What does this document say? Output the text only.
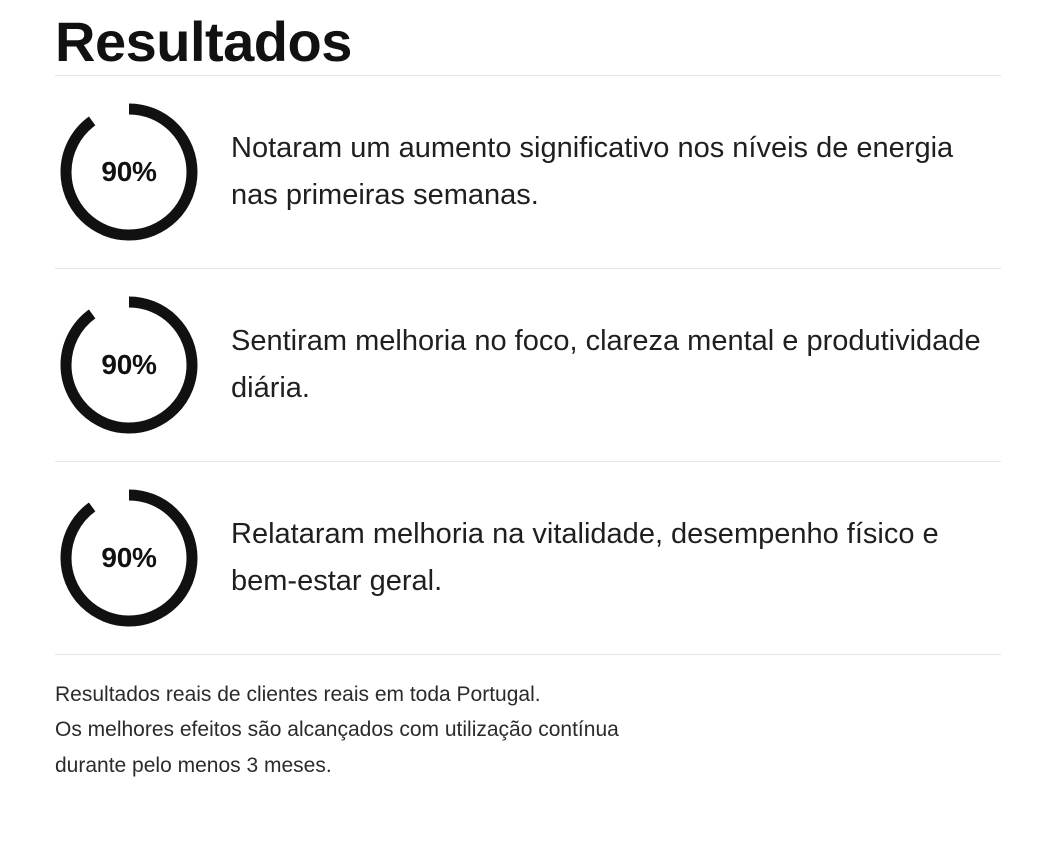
Resultados
90%
Notaram um aumento significativo nos níveis de energia nas primeiras semanas.
90%
Sentiram melhoria no foco, clareza mental e produtividade diária.
90%
Relataram melhoria na vitalidade, desempenho físico e bem-estar geral.

Resultados reais de clientes reais em toda Portugal.

Os melhores efeitos são alcançados com utilização contínua

durante pelo menos 3 meses.
